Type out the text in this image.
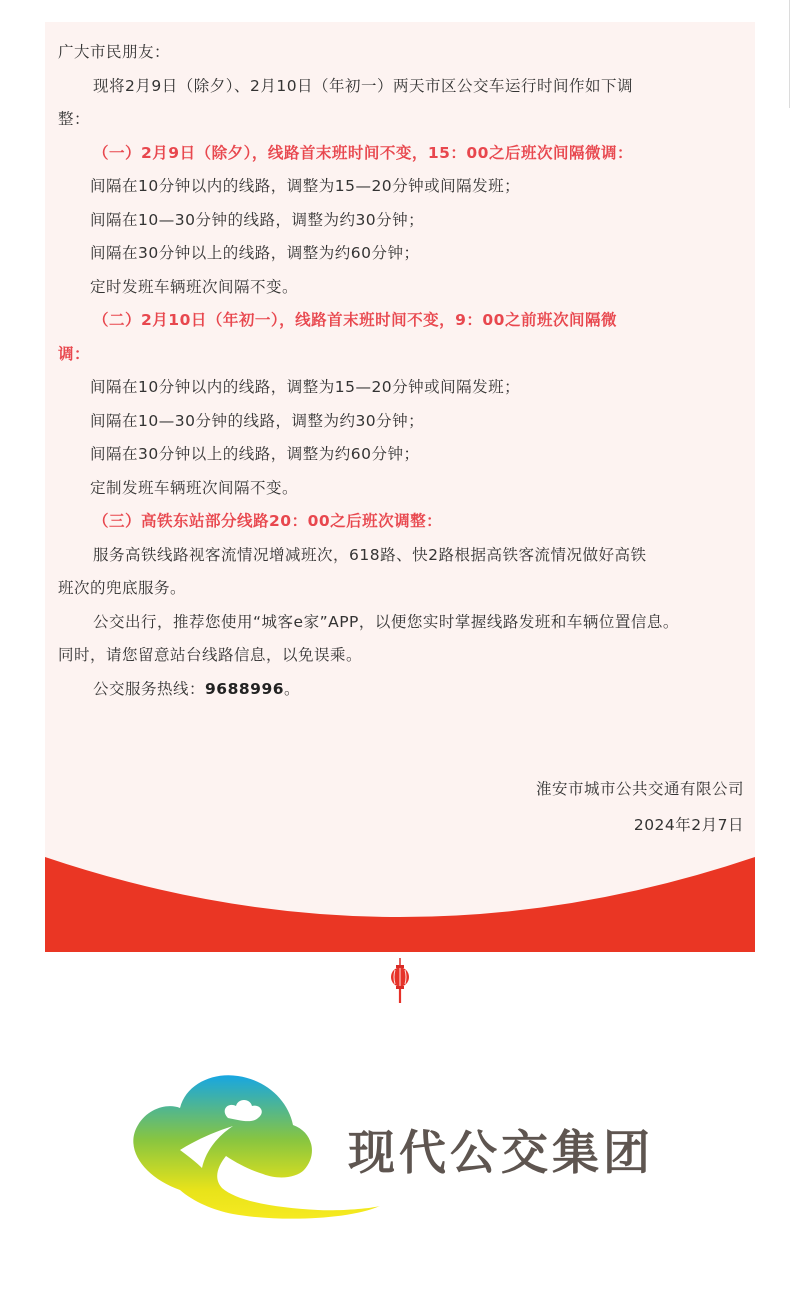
广大市民朋友：

现将2月9日（除夕）、2月10日（年初一）两天市区公交车运行时间作如下调

整：

（一）2月9日（除夕），线路首末班时间不变，15：00之后班次间隔微调：

间隔在10分钟以内的线路，调整为15—20分钟或间隔发班；

间隔在10—30分钟的线路，调整为约30分钟；

间隔在30分钟以上的线路，调整为约60分钟；

定时发班车辆班次间隔不变。

（二）2月10日（年初一），线路首末班时间不变，9：00之前班次间隔微

调：

间隔在10分钟以内的线路，调整为15—20分钟或间隔发班；

间隔在10—30分钟的线路，调整为约30分钟；

间隔在30分钟以上的线路，调整为约60分钟；

定制发班车辆班次间隔不变。

（三）高铁东站部分线路20：00之后班次调整：

服务高铁线路视客流情况增减班次，618路、快2路根据高铁客流情况做好高铁

班次的兜底服务。

公交出行，推荐您使用“城客e家”APP，以便您实时掌握线路发班和车辆位置信息。

同时，请您留意站台线路信息，以免误乘。

公交服务热线：9688996。

淮安市城市公共交通有限公司

2024年2月7日

现代公交集团
